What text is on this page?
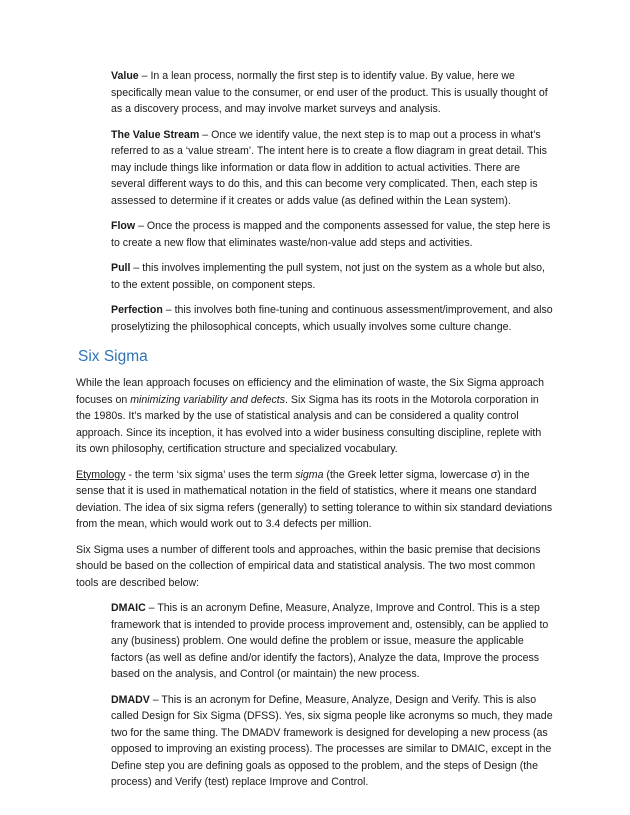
Value – In a lean process, normally the first step is to identify value. By value, here we specifically mean value to the consumer, or end user of the product. This is usually thought of as a discovery process, and may involve market surveys and analysis.

The Value Stream – Once we identify value, the next step is to map out a process in what’s referred to as a ‘value stream’. The intent here is to create a flow diagram in great detail. This may include things like information or data flow in addition to actual activities. There are several different ways to do this, and this can become very complicated. Then, each step is assessed to determine if it creates or adds value (as defined within the Lean system).

Flow – Once the process is mapped and the components assessed for value, the step here is to create a new flow that eliminates waste/non-value add steps and activities.

Pull – this involves implementing the pull system, not just on the system as a whole but also, to the extent possible, on component steps.

Perfection – this involves both fine-tuning and continuous assessment/improvement, and also proselytizing the philosophical concepts, which usually involves some culture change.

Six Sigma

While the lean approach focuses on efficiency and the elimination of waste, the Six Sigma approach focuses on minimizing variability and defects. Six Sigma has its roots in the Motorola corporation in the 1980s. It’s marked by the use of statistical analysis and can be considered a quality control approach. Since its inception, it has evolved into a wider business consulting discipline, replete with its own philosophy, certification structure and specialized vocabulary.

Etymology - the term ‘six sigma’ uses the term sigma (the Greek letter sigma, lowercase σ) in the sense that it is used in mathematical notation in the field of statistics, where it means one standard deviation. The idea of six sigma refers (generally) to setting tolerance to within six standard deviations from the mean, which would work out to 3.4 defects per million.

Six Sigma uses a number of different tools and approaches, within the basic premise that decisions should be based on the collection of empirical data and statistical analysis. The two most common tools are described below:

DMAIC – This is an acronym Define, Measure, Analyze, Improve and Control. This is a step framework that is intended to provide process improvement and, ostensibly, can be applied to any (business) problem. One would define the problem or issue, measure the applicable factors (as well as define and/or identify the factors), Analyze the data, Improve the process based on the analysis, and Control (or maintain) the new process.

DMADV – This is an acronym for Define, Measure, Analyze, Design and Verify. This is also called Design for Six Sigma (DFSS). Yes, six sigma people like acronyms so much, they made two for the same thing. The DMADV framework is designed for developing a new process (as opposed to improving an existing process). The processes are similar to DMAIC, except in the Define step you are defining goals as opposed to the problem, and the steps of Design (the process) and Verify (test) replace Improve and Control.
